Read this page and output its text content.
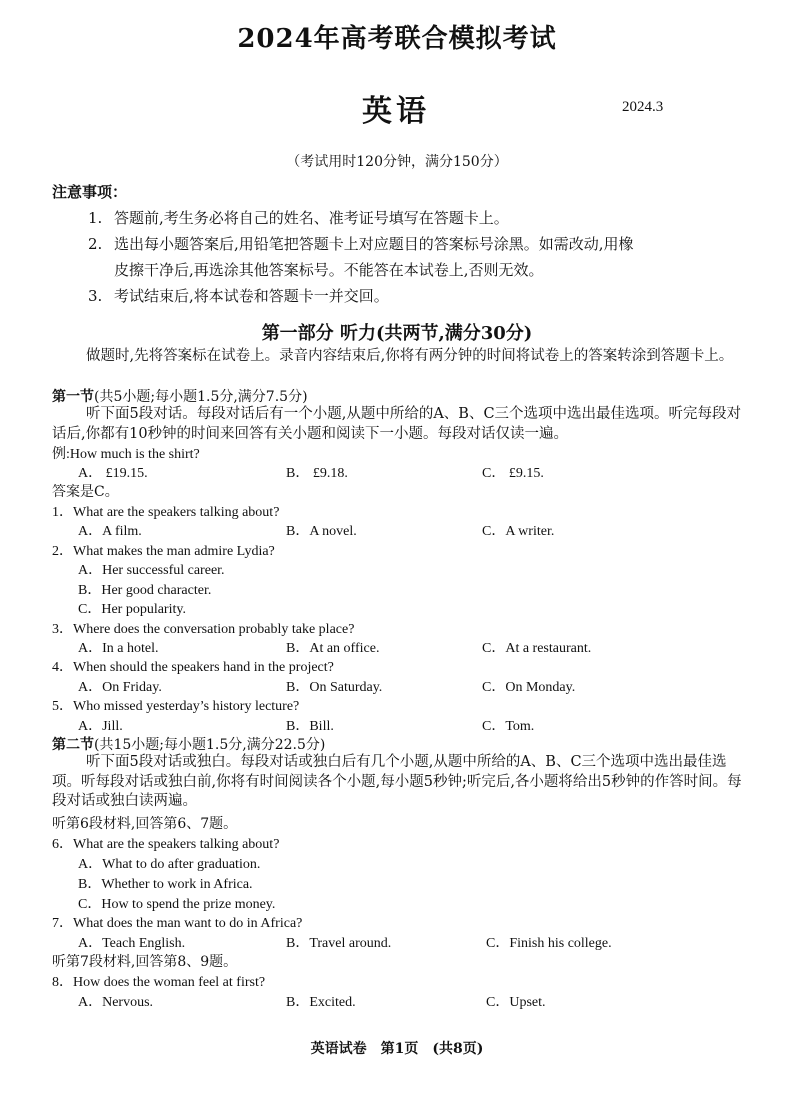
2024年高考联合模拟考试
英语	2024.3
（考试用时120分钟，满分150分）
注意事项：
1. 答题前,考生务必将自己的姓名、准考证号填写在答题卡上。
2. 选出每小题答案后,用铅笔把答题卡上对应题目的答案标号涂黑。如需改动,用橡
皮擦干净后,再选涂其他答案标号。不能答在本试卷上,否则无效。
3. 考试结束后,将本试卷和答题卡一并交回。
第一部分 听力(共两节,满分30分)
做题时,先将答案标在试卷上。录音内容结束后,你将有两分钟的时间将试卷上的答案转涂到答题卡上。
第一节(共5小题;每小题1.5分,满分7.5分)
听下面5段对话。每段对话后有一个小题,从题中所给的A、B、C三个选项中选出最佳选项。听完每段对话后,你都有10秒钟的时间来回答有关小题和阅读下一小题。每段对话仅读一遍。
例:How much is the shirt?
A． £19.15.	B． £9.18.	C． £9.15.
答案是C。
1．What are the speakers talking about?
A．A film.	B．A novel.	C．A writer.
2．What makes the man admire Lydia?
A．Her successful career.
B．Her good character.
C．Her popularity.
3．Where does the conversation probably take place?
A．In a hotel.	B．At an office.	C．At a restaurant.
4．When should the speakers hand in the project?
A．On Friday.	B．On Saturday.	C．On Monday.
5．Who missed yesterday’s history lecture?
A．Jill.	B．Bill.	C．Tom.
第二节(共15小题;每小题1.5分,满分22.5分)
听下面5段对话或独白。每段对话或独白后有几个小题,从题中所给的A、B、C三个选项中选出最佳选项。听每段对话或独白前,你将有时间阅读各个小题,每小题5秒钟;听完后,各小题将给出5秒钟的作答时间。每段对话或独白读两遍。
听第6段材料,回答第6、7题。
6．What are the speakers talking about?
A．What to do after graduation.
B．Whether to work in Africa.
C．How to spend the prize money.
7．What does the man want to do in Africa?
A．Teach English.	B．Travel around.	C．Finish his college.
听第7段材料,回答第8、9题。
8．How does the woman feel at first?
A．Nervous.	B．Excited.	C．Upset.
英语试卷　第1页　(共8页)
